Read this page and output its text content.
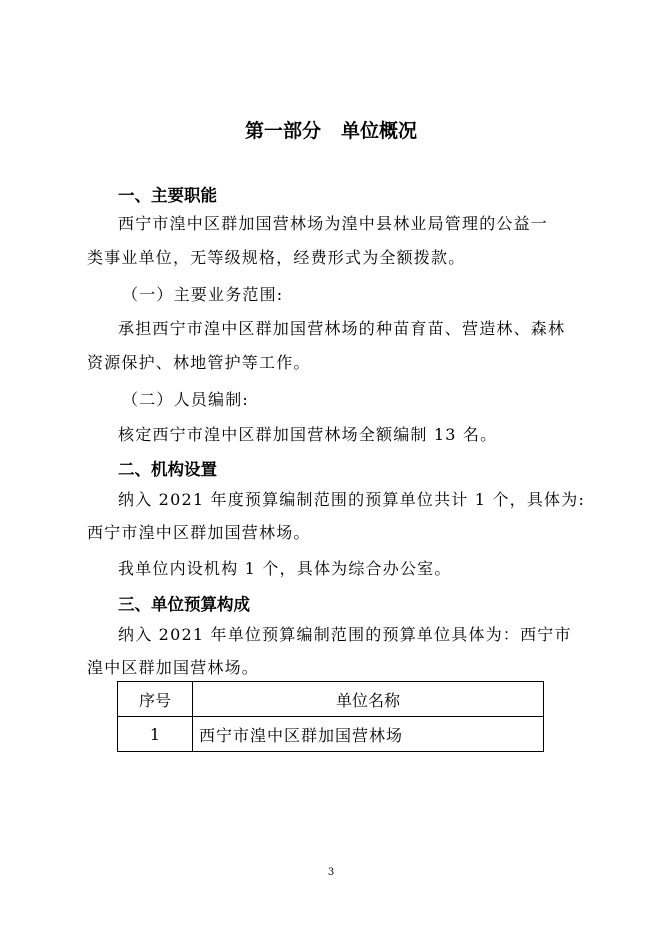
第一部分 单位概况
一、主要职能
西宁市湟中区群加国营林场为湟中县林业局管理的公益一
类事业单位，无等级规格，经费形式为全额拨款。
（一）主要业务范围:
承担西宁市湟中区群加国营林场的种苗育苗、营造林、森林
资源保护、林地管护等工作。
（二）人员编制:
核定西宁市湟中区群加国营林场全额编制 13 名。
二、机构设置
纳入 2021 年度预算编制范围的预算单位共计 1 个，具体为:
西宁市湟中区群加国营林场。
我单位内设机构 1 个，具体为综合办公室。
三、单位预算构成
纳入 2021 年单位预算编制范围的预算单位具体为：西宁市
湟中区群加国营林场。
序号	单位名称
1	西宁市湟中区群加国营林场
3
